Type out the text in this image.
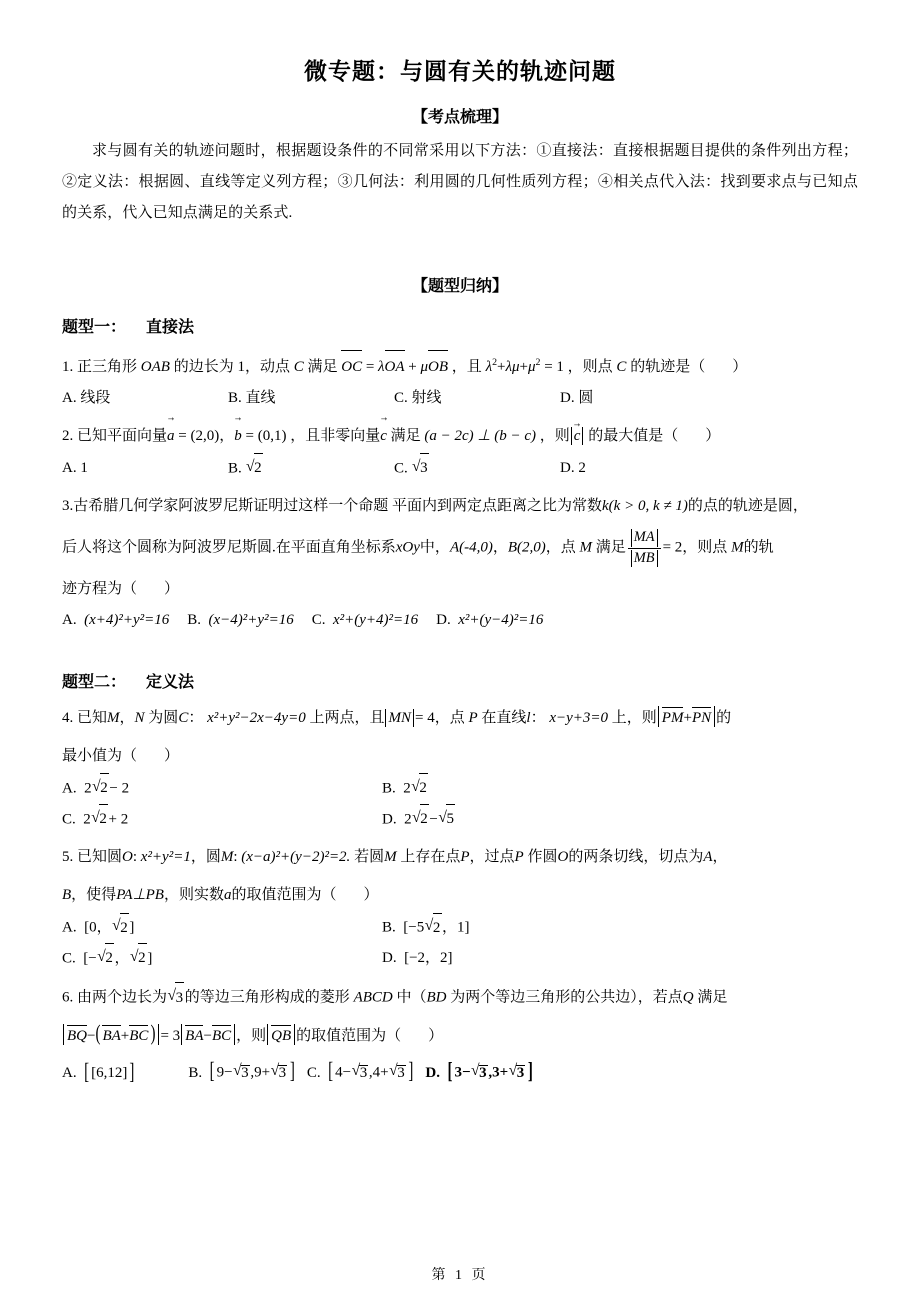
微专题：与圆有关的轨迹问题
【考点梳理】
求与圆有关的轨迹问题时，根据题设条件的不同常采用以下方法：①直接法：直接根据题目提供的条件列出方程；②定义法：根据圆、直线等定义列方程；③几何法：利用圆的几何性质列方程；④相关点代入法：找到要求点与已知点的关系，代入已知点满足的关系式.
【题型归纳】
题型一： 直接法
1. 正三角形 OAB 的边长为 1，动点 C 满足 OC = λOA + μOB ，且 $\lambda^2+\lambda\mu+\mu^2 = 1$ ，则点 C 的轨迹是（ ）
A. 线段	B. 直线	C. 射线	D. 圆
2. 已知平面向量→ a = (2,0)，→ b = (0,1) ，且非零向量→ c 满足 (a − 2c) ⊥ (b − c) ，则 → c 的最大值是（ ）
A. 1	B. √ 2	C. √ 3	D. 2
3.古希腊几何学家阿波罗尼斯证明过这样一个命题 平面内到两定点距离之比为常数k(k > 0, k ≠ 1)的点的轨迹是圆，
后人将这个圆称为阿波罗尼斯圆.在平面直角坐标系xOy中，A(-4,0)，B(2,0)，点 M 满足 $\frac{MA}{MB} = 2$，则点 M的轨
迹方程为（ ）
A. (x+4)²+y²=16 B. (x−4)²+y²=16 C. x²+(y+4)²=16 D. x²+(y−4)²=16
题型二： 定义法
4. 已知M，N 为圆C： x²+y²−2x−4y=0 上两点，且 MN = 4，点 P 在直线l： x−y+3=0 上，则 PM+PN 的
最小值为（ ）
A. 2 √ 2 − 2	B. 2 √ 2
C. 2 √ 2 + 2	D. 2 √ 2 − √ 5
5. 已知圆O: x²+y²=1，圆M: (x−a)²+(y−2)²=2. 若圆M 上存在点P，过点P 作圆O的两条切线，切点为A，
B，使得PA⊥PB，则实数a的取值范围为（ ）
A. [0， √ 2 ]	B. [−5 √ 2 ，1]
C. [− √ 2 ， √ 2 ]	D. [−2，2]
6. 由两个边长为 √ 3 的等边三角形构成的菱形 ABCD 中（BD 为两个等边三角形的公共边），若点Q 满足
BQ− ( BA+BC ) = 3 BA−BC ，则 QB 的取值范围为（ ）
A. [ [6,12] ]	B. [ 9− √ 3 ,9+ √ 3 ] C. [ 4− √ 3 ,4+ √ 3 ] D. [ 3− √ 3 ,3+ √ 3 ]
第 1 页
